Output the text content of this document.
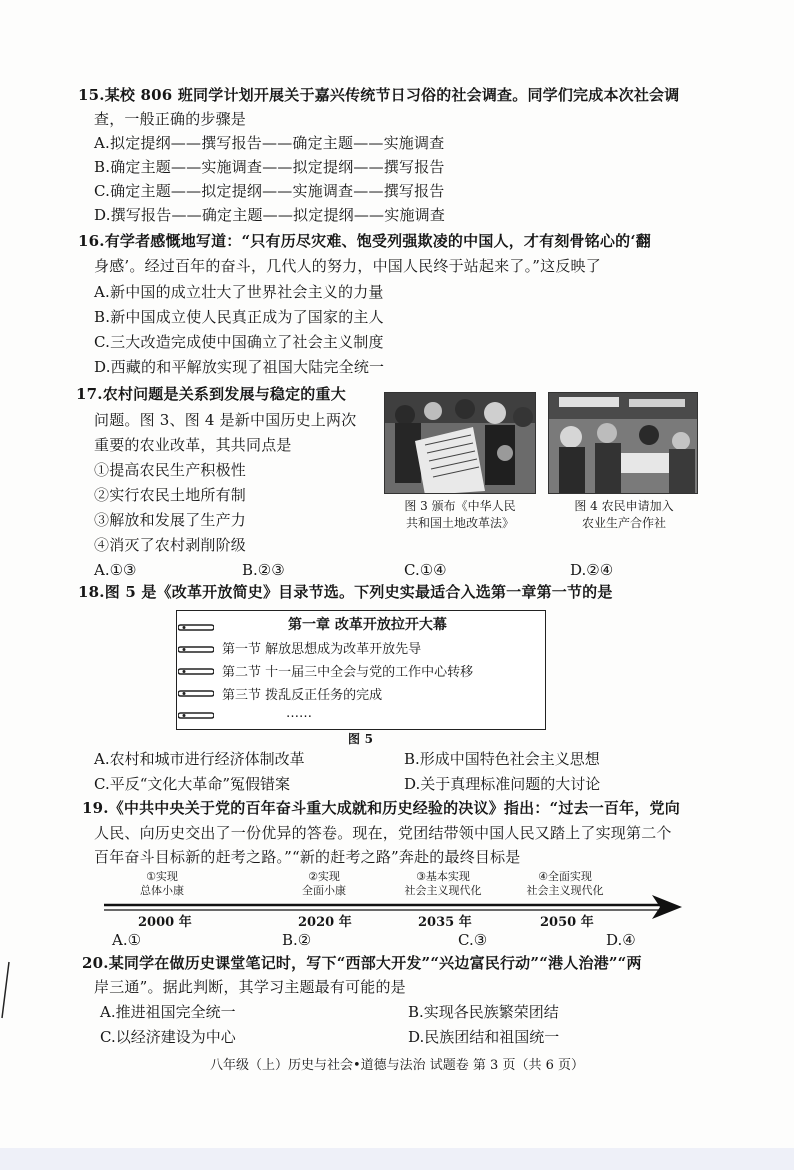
15.某校 806 班同学计划开展关于嘉兴传统节日习俗的社会调查。同学们完成本次社会调
查，一般正确的步骤是
A.拟定提纲——撰写报告——确定主题——实施调查
B.确定主题——实施调查——拟定提纲——撰写报告
C.确定主题——拟定提纲——实施调查——撰写报告
D.撰写报告——确定主题——拟定提纲——实施调查
16.有学者感慨地写道：“只有历尽灾难、饱受列强欺凌的中国人，才有刻骨铭心的‘翻
身感’。经过百年的奋斗，几代人的努力，中国人民终于站起来了。”这反映了
A.新中国的成立壮大了世界社会主义的力量
B.新中国成立使人民真正成为了国家的主人
C.三大改造完成使中国确立了社会主义制度
D.西藏的和平解放实现了祖国大陆完全统一
17.农村问题是关系到发展与稳定的重大
问题。图 3、图 4 是新中国历史上两次
重要的农业改革，其共同点是
①提高农民生产积极性
②实行农民土地所有制
③解放和发展了生产力
④消灭了农村剥削阶级
A.①③	B.②③	C.①④	D.②④
图 3 颁布《中华人民
共和国土地改革法》
图 4 农民申请加入
农业生产合作社
18.图 5 是《改革开放简史》目录节选。下列史实最适合入选第一章第一节的是
第一章 改革开放拉开大幕
第一节 解放思想成为改革开放先导
第二节 十一届三中全会与党的工作中心转移
第三节 拨乱反正任务的完成
……
图 5
A.农村和城市进行经济体制改革	B.形成中国特色社会主义思想
C.平反“文化大革命”冤假错案	D.关于真理标准问题的大讨论
19.《中共中央关于党的百年奋斗重大成就和历史经验的决议》指出：“过去一百年，党向
人民、向历史交出了一份优异的答卷。现在，党团结带领中国人民又踏上了实现第二个
百年奋斗目标新的赶考之路。”“新的赶考之路”奔赴的最终目标是
①实现
总体小康
②实现
全面小康
③基本实现
社会主义现代化
④全面实现
社会主义现代化
2000 年	2020 年	2035 年	2050 年
A.①	B.②	C.③	D.④
20.某同学在做历史课堂笔记时，写下“西部大开发”“兴边富民行动”“港人治港”“两
岸三通”。据此判断，其学习主题最有可能的是
A.推进祖国完全统一	B.实现各民族繁荣团结
C.以经济建设为中心	D.民族团结和祖国统一
八年级（上）历史与社会•道德与法治 试题卷 第 3 页（共 6 页）
